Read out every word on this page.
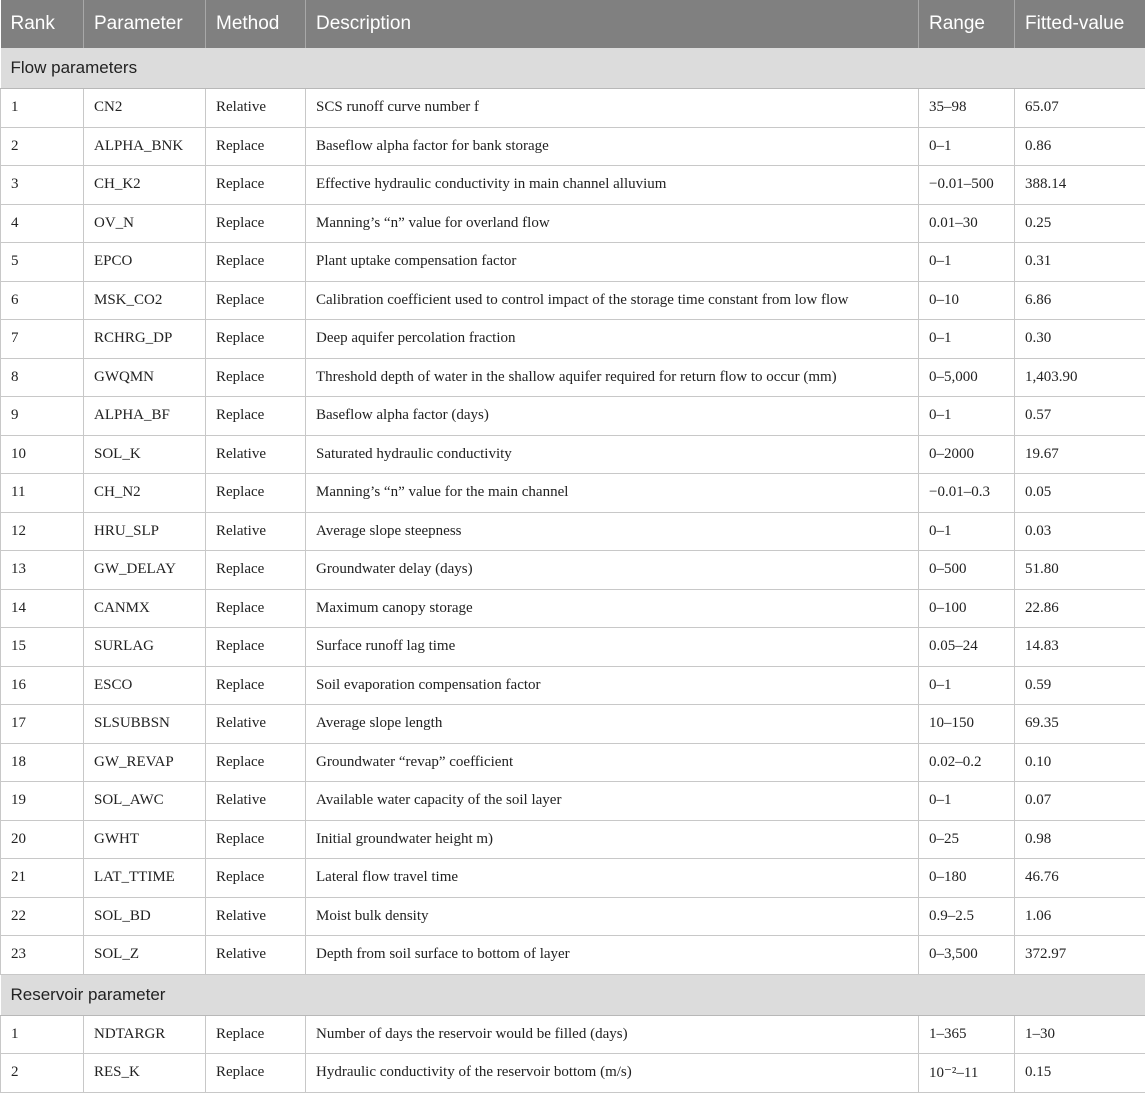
Rank	Parameter	Method	Description	Range	Fitted-value
Flow parameters					
1	CN2	Relative	SCS runoff curve number f	35–98	65.07
2	ALPHA_BNK	Replace	Baseflow alpha factor for bank storage	0–1	0.86
3	CH_K2	Replace	Effective hydraulic conductivity in main channel alluvium	−0.01–500	388.14
4	OV_N	Replace	Manning’s “n” value for overland flow	0.01–30	0.25
5	EPCO	Replace	Plant uptake compensation factor	0–1	0.31
6	MSK_CO2	Replace	Calibration coefficient used to control impact of the storage time constant from low flow	0–10	6.86
7	RCHRG_DP	Replace	Deep aquifer percolation fraction	0–1	0.30
8	GWQMN	Replace	Threshold depth of water in the shallow aquifer required for return flow to occur (mm)	0–5,000	1,403.90
9	ALPHA_BF	Replace	Baseflow alpha factor (days)	0–1	0.57
10	SOL_K	Relative	Saturated hydraulic conductivity	0–2000	19.67
11	CH_N2	Replace	Manning’s “n” value for the main channel	−0.01–0.3	0.05
12	HRU_SLP	Relative	Average slope steepness	0–1	0.03
13	GW_DELAY	Replace	Groundwater delay (days)	0–500	51.80
14	CANMX	Replace	Maximum canopy storage	0–100	22.86
15	SURLAG	Replace	Surface runoff lag time	0.05–24	14.83
16	ESCO	Replace	Soil evaporation compensation factor	0–1	0.59
17	SLSUBBSN	Relative	Average slope length	10–150	69.35
18	GW_REVAP	Replace	Groundwater “revap” coefficient	0.02–0.2	0.10
19	SOL_AWC	Relative	Available water capacity of the soil layer	0–1	0.07
20	GWHT	Replace	Initial groundwater height m)	0–25	0.98
21	LAT_TTIME	Replace	Lateral flow travel time	0–180	46.76
22	SOL_BD	Relative	Moist bulk density	0.9–2.5	1.06
23	SOL_Z	Relative	Depth from soil surface to bottom of layer	0–3,500	372.97
Reservoir parameter					
1	NDTARGR	Replace	Number of days the reservoir would be filled (days)	1–365	1–30
2	RES_K	Replace	Hydraulic conductivity of the reservoir bottom (m/s)	10⁻²–11	0.15
